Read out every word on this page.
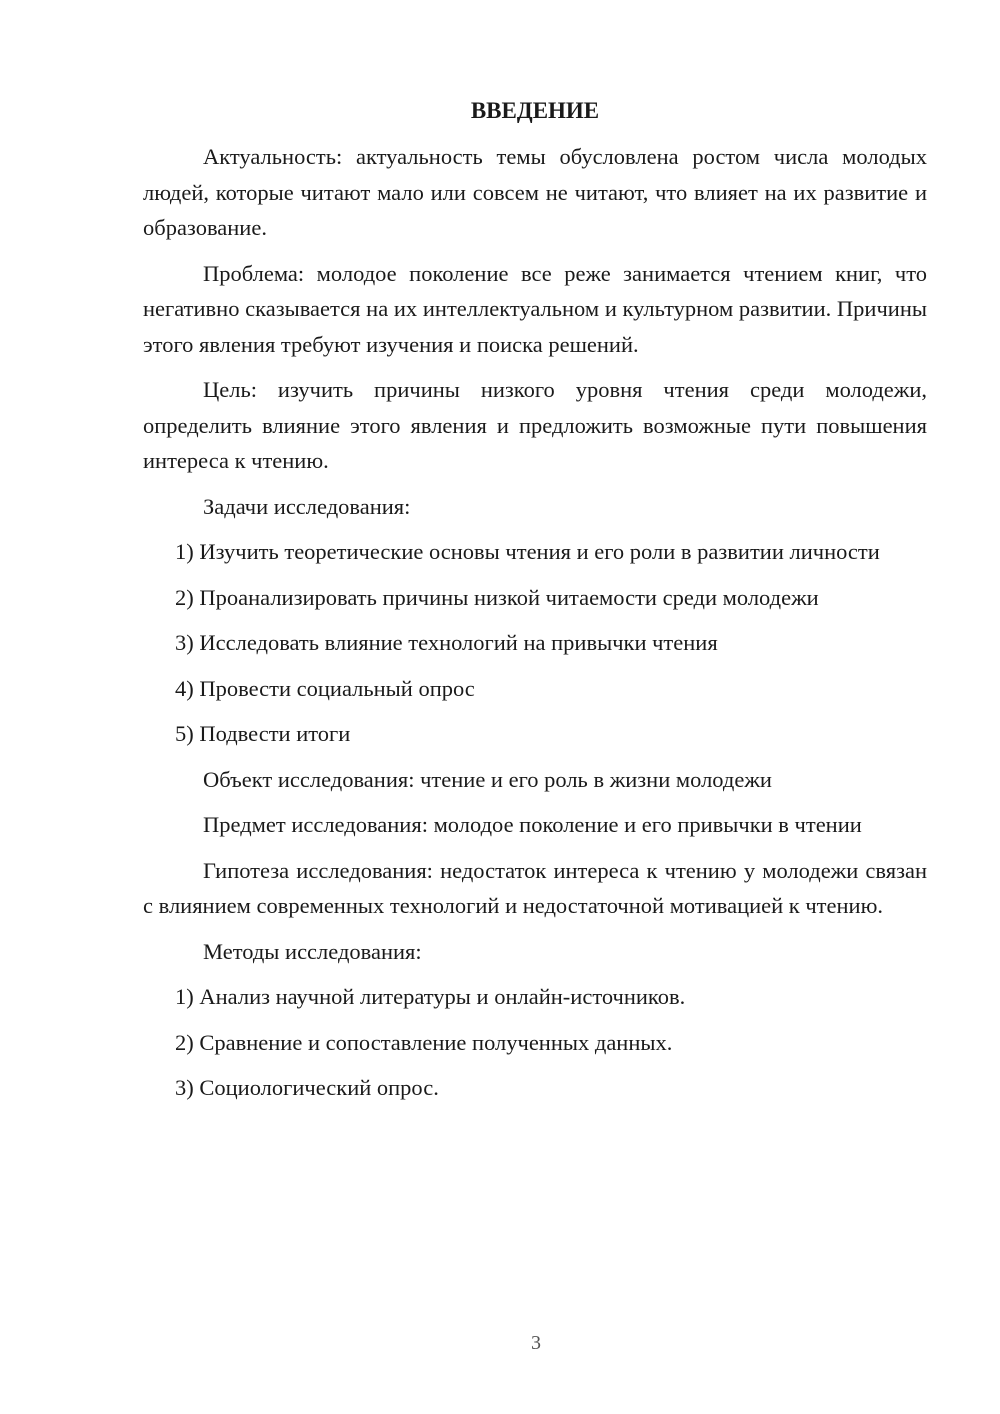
ВВЕДЕНИЕ

Актуальность: актуальность темы обусловлена ростом числа молодых людей, которые читают мало или совсем не читают, что влияет на их развитие и образование.

Проблема: молодое поколение все реже занимается чтением книг, что негативно сказывается на их интеллектуальном и культурном развитии. Причины этого явления требуют изучения и поиска решений.

Цель: изучить причины низкого уровня чтения среди молодежи, определить влияние этого явления и предложить возможные пути повышения интереса к чтению.

Задачи исследования:

1) Изучить теоретические основы чтения и его роли в развитии личности

2) Проанализировать причины низкой читаемости среди молодежи

3) Исследовать влияние технологий на привычки чтения

4) Провести социальный опрос

5) Подвести итоги

Объект исследования: чтение и его роль в жизни молодежи

Предмет исследования: молодое поколение и его привычки в чтении

Гипотеза исследования: недостаток интереса к чтению у молодежи связан с влиянием современных технологий и недостаточной мотивацией к чтению.

Методы исследования:

1) Анализ научной литературы и онлайн-источников.

2) Сравнение и сопоставление полученных данных.

3) Социологический опрос.

3
